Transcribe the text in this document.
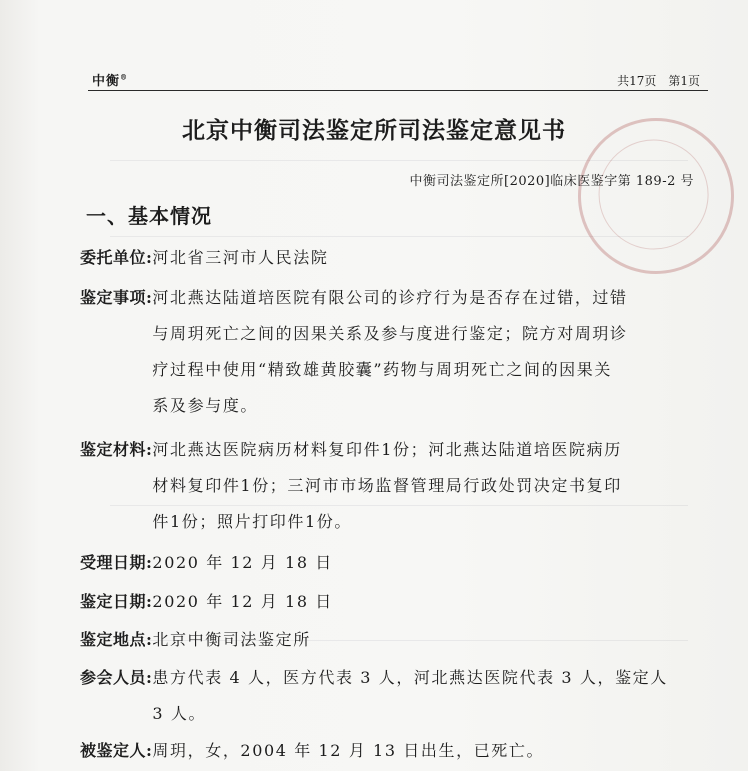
中衡®	共17页　第1页
北京中衡司法鉴定所司法鉴定意见书
中衡司法鉴定所[2020]临床医鉴字第 189-2 号
一、基本情况
委托单位: 河北省三河市人民法院
鉴定事项: 河北燕达陆道培医院有限公司的诊疗行为是否存在过错，过错
与周玥死亡之间的因果关系及参与度进行鉴定；院方对周玥诊
疗过程中使用“精致雄黄胶囊”药物与周玥死亡之间的因果关
系及参与度。
鉴定材料: 河北燕达医院病历材料复印件1份；河北燕达陆道培医院病历
材料复印件1份；三河市市场监督管理局行政处罚决定书复印
件1份；照片打印件1份。
受理日期: 2020 年 12 月 18 日
鉴定日期: 2020 年 12 月 18 日
鉴定地点: 北京中衡司法鉴定所
参会人员: 患方代表 4 人，医方代表 3 人，河北燕达医院代表 3 人，鉴定人
3 人。
被鉴定人: 周玥，女，2004 年 12 月 13 日出生，已死亡。
